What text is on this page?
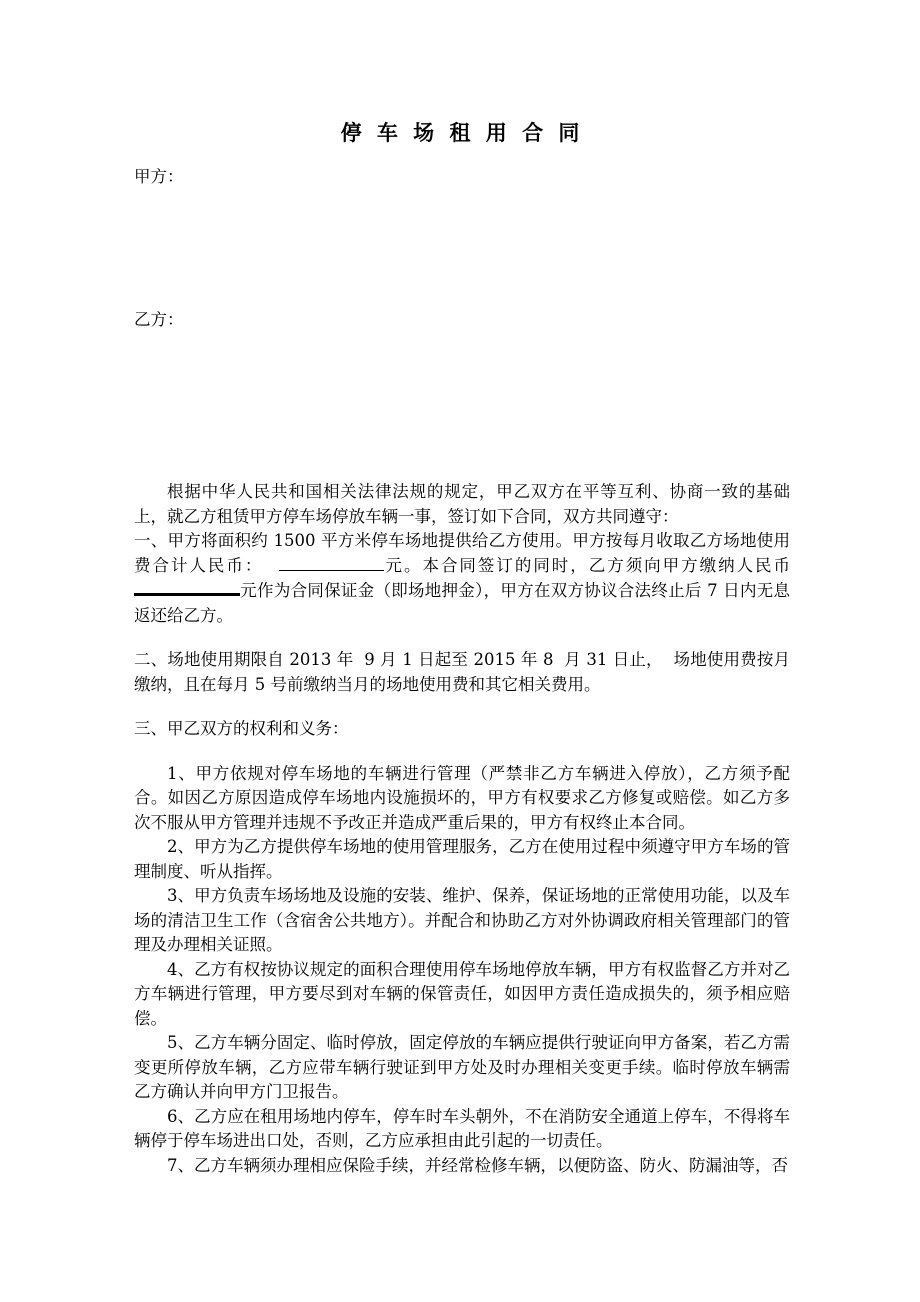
停 车 场 租 用 合 同

甲方：

乙方：

根据中华人民共和国相关法律法规的规定，甲乙双方在平等互利、协商一致的基础上，就乙方租赁甲方停车场停放车辆一事，签订如下合同，双方共同遵守：

一、甲方将面积约 1500 平方米停车场地提供给乙方使用。甲方按每月收取乙方场地使用费合计人民币：	元。本合同签订的同时，乙方须向甲方缴纳人民币元作为合同保证金（即场地押金），甲方在双方协议合法终止后 7 日内无息返还给乙方。

二、场地使用期限自 2013 年  9 月 1 日起至 2015 年 8  月 31 日止，  场地使用费按月缴纳，且在每月 5 号前缴纳当月的场地使用费和其它相关费用。

三、甲乙双方的权利和义务：

1、甲方依规对停车场地的车辆进行管理（严禁非乙方车辆进入停放），乙方须予配合。如因乙方原因造成停车场地内设施损坏的，甲方有权要求乙方修复或赔偿。如乙方多次不服从甲方管理并违规不予改正并造成严重后果的，甲方有权终止本合同。

2、甲方为乙方提供停车场地的使用管理服务，乙方在使用过程中须遵守甲方车场的管理制度、听从指挥。

3、甲方负责车场场地及设施的安装、维护、保养，保证场地的正常使用功能，以及车场的清洁卫生工作（含宿舍公共地方）。并配合和协助乙方对外协调政府相关管理部门的管理及办理相关证照。

4、乙方有权按协议规定的面积合理使用停车场地停放车辆，甲方有权监督乙方并对乙方车辆进行管理，甲方要尽到对车辆的保管责任，如因甲方责任造成损失的，须予相应赔偿。

5、乙方车辆分固定、临时停放，固定停放的车辆应提供行驶证向甲方备案，若乙方需变更所停放车辆，乙方应带车辆行驶证到甲方处及时办理相关变更手续。临时停放车辆需乙方确认并向甲方门卫报告。

6、乙方应在租用场地内停车，停车时车头朝外，不在消防安全通道上停车，不得将车辆停于停车场进出口处，否则，乙方应承担由此引起的一切责任。

7、乙方车辆须办理相应保险手续，并经常检修车辆，以便防盗、防火、防漏油等，否
